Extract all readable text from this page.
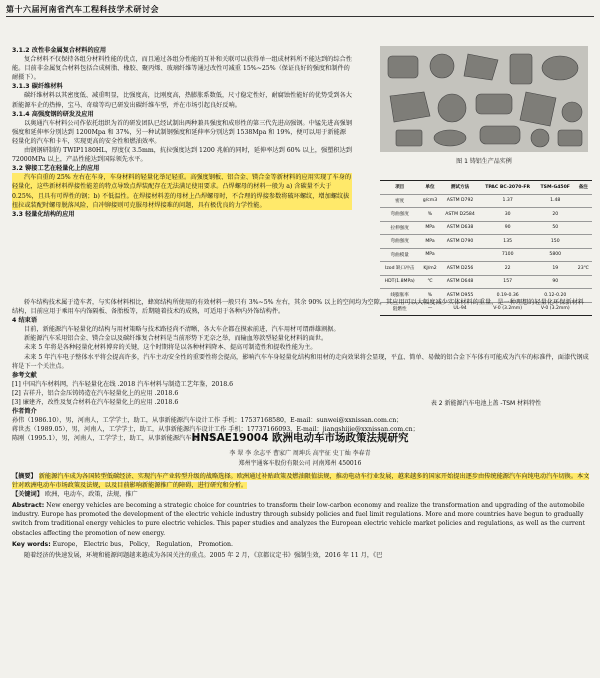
第十六届河南省汽车工程科技学术研讨会
3.1.2 改性非金属复合材料的应用

复合材料不仅保持各组分材料性能的优点，而且通过各组分性能的互补和关联可以获得单一组成材料所不能达到的综合性能。目前非金属复合材料包括合成树脂、橡胶、聚丙烯、玻璃纤维等通过改性可减重 15%~25%（保证良好的强度和制件的耐摄下）。

3.1.3 碳纤维材料

碳纤维材料以其密度低、减重明显，比强度高，比刚度高，热膨胀系数低，尺寸稳定性好，耐腐蚀性能好的优势受到各大新能源车企的热捧，宝马、奇瑞等均已研发出碳纤维车型，并在市场引起良好反响。

3.1.4 高强度钢的研发及应用

以奥通汽车材料公司作依托组织为首的研发团队已经试制出两种兼具强度和成形性的第三代先进高强钢。中锰先进高强钢强度和延伸率分别达到 1200Mpa 和 37%，另一种试制钢强度和延伸率分别达到 1538Mpa 和 19%，便可以用于新能源轻量化的汽车和卡车，实现更高的安全性和燃油效率。

由钢钢研制的 TWIP1180HL，厚度仅 3.5mm，抗拉强度达到 1200 兆帕的同时，延伸率达到 60% 以上，强塑积达到 72000MPa 以上，产品性能达到国际领先水平。

3.2 铆接工艺在轻量化上的应用

汽车自重的 25% 左右在车身，车身材料的轻量化举足轻重。高强度钢板、铝合金、镁合金等新材料的应用实现了车身的轻量化，这些新材料焊接性能差的特点导致点焊装配存在无法满足使用要求。凸焊螺母的材料一般为 a) 含碳量不大于 0.25%，且具有可焊性的钢；b) 不低温性。在焊接材料差的母材上凸焊螺母时，不合理的焊接参数将破坏螺纹，增加螺纹拔扭拉或装配时螺母脱落风险，自冲铆接则可克服母材焊接难的问题，具有极优良的力学性能。

3.3 轻量化结构的应用
图 1 铸铝生产品实例
项目	单位	测试方法	TPAC BC-2070-FR	TSM-G450F	备注
密度	g/cm3	ASTM D792	1.37	1.48	
弯曲强度	%	ASTM D2584	30	20	
拉伸强度	MPa	ASTM D638	90	50	
弯曲强度	MPa	ASTM D790	135	150	
弯曲模量	MPa		7100	5800	
Izod 缺口冲击	KJ/m2	ASTM D256	22	19	23℃
HDT(1.8MPa)	℃	ASTM D648	157	90	
线膨胀率	%	ASTM D955	0.19-0.36	0.12-0.20	
阻燃性	—	UL-94	V-0 (3.2mm)	V-0 (3.2mm)	
表 2 新能源汽车电池上盖 -TSM 材料特性

轿车结构技术属于造车者，与实体材料相比，蜂窝结构所使用的有效材料一般只有 3%~5% 左右，其余 90% 以上的空间均为空隙，其应用可以大幅度减少实体材料的重量，是一种理想的轻量化环保新材料结构，目前应用于乘用车内饰隔板、备胎板等，后期随着技术的成熟，可适用于各种内外饰结构件。

4 结束语

目前，新能源汽车轻量化的结构与用材策略与技术路径尚不清晰，各大车企都在摸索前进，汽车用材可谓群雄割据。

新能源汽车采用铝合金、镁合金以及碳纤维复合材料是当前形势下无奈之举，而输血筹款型轻量化材料的面世。

未来 5 年将是各种轻量化材料博弈的关键，这个时期将是以各种材料降本、提高可制造性和提收性能为主。

未来 5 年汽车电子整体水平将会提高许多，汽车主动安全性的重要性将会提高，影响汽车车身轻量化结构和用材的走向效果将会显现，平直、简单、易做的铝合金下车体有可能成为汽车的标准件，面漆代钢成将是下一个关注点。

参考文献
[1] 中国汽车材料网，汽车轻量化在线 .2018 汽车材料与制造工艺年鉴，2018.6
[2] 吉祥升，铝合金压铸铸造在汽车轻量化上的应用 .2018.6
[3] 廉建齐，改性及复合材料在汽车轻量化上的应用 .2018.6
作者简介
孙伟（1986.10），男，河南人，工学学士，助工，从事新能源汽车设计工作 手机：17537168580，E-mail：sunwei@xxnissan.com.cn；
蒋世杰（1989.05），男，河南人，工学学士，助工，从事新能源汽车设计工作 手机：17737166093，E-mail：jiangshijie@xxnissan.com.cn；
陈刚（1995.1），男，河南人，工学学士，助工，从事新能源汽车设计工作。
HNSAE19004 欧洲电动车市场政策法规研究
李 翠 李 余志平 曹家广 周坤兵 高宇征 史丁灿 李春青
郑州宇通客车股份有限公司 河南郑州 450016
【摘要】 新能源汽车成为各国转型低碳经济、实现汽车产业转型升级的战略选择。欧洲通过补贴政策及燃油限值法规，推动电动车行业发展，越来越多的国家开始提出逐步由传统能源汽车向纯电动汽车切换。本文针对欧洲电动车市场政策及法规，以及目前影响新能源推广的障碍，进行研究和分析。
【关键词】 欧洲，电动车，政策，法规，推广
Abstract: New energy vehicles are becoming a strategic choice for countries to transform their low-carbon economy and realize the transformation and upgrading of the automobile industry. Europe has promoted the development of the electric vehicle industry through subsidy policies and fuel limit regulations. More and more countries have begun to gradually switch from traditional energy vehicles to pure electric vehicles. This paper studies and analyzes the European electric vehicle market policies and regulations, as well as the current obstacles affecting the promotion of new energy.
Key words: Europe， Electric bus， Policy， Regulation， Promotion.

随着经济的快速发展，环境和能源问题越来越成为各国关注的重点。2005 年 2 月，《京都议定书》强制生效，2016 年 11 月，《巴
